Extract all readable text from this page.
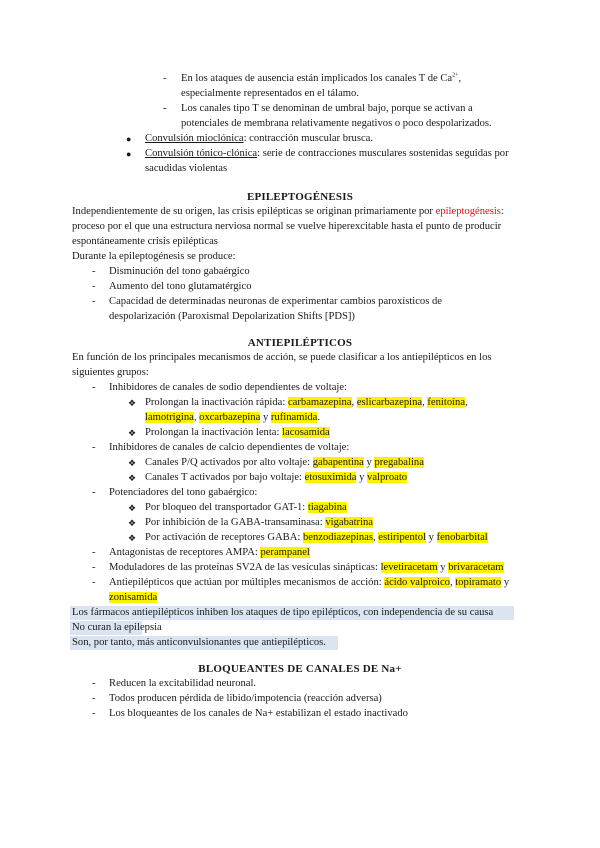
- En los ataques de ausencia están implicados los canales T de $Ca^{2+}$,
especialmente representados en el tálamo.
- Los canales tipo T se denominan de umbral bajo, porque se activan a
potenciales de membrana relativamente negativos o poco despolarizados.
● Convulsión mioclónica: contracción muscular brusca.
● Convulsión tónico-clónica: serie de contracciones musculares sostenidas seguidas por
sacudidas violentas
EPILEPTOGÉNESIS
Independientemente de su origen, las crisis epilépticas se originan primariamente por epileptogénesis:
proceso por el que una estructura nerviosa normal se vuelve hiperexcitable hasta el punto de producir
espontáneamente crisis epilépticas
Durante la epileptogénesis se produce:
- Disminución del tono gabaérgico
- Aumento del tono glutamatérgico
- Capacidad de determinadas neuronas de experimentar cambios paroxísticos de
despolarización (Paroxismal Depolarization Shifts [PDS])
ANTIEPILÉPTICOS
En función de los principales mecanismos de acción, se puede clasificar a los antiepilépticos en los
siguientes grupos:
- Inhibidores de canales de sodio dependientes de voltaje:
❖ Prolongan la inactivación rápida: carbamazepina, eslicarbazepina, fenitoína,
lamotrigina, oxcarbazepina y rufinamida.
❖ Prolongan la inactivación lenta: lacosamida
- Inhibidores de canales de calcio dependientes de voltaje:
❖ Canales P/Q activados por alto voltaje: gabapentina y pregabalina
❖ Canales T activados por bajo voltaje: etosuximida y valproato
- Potenciadores del tono gabaérgico:
❖ Por bloqueo del transportador GAT-1: tiagabina
❖ Por inhibición de la GABA-transaminasa: vigabatrina
❖ Por activación de receptores GABA: benzodiazepinas, estiripentol y fenobarbital
- Antagonistas de receptores AMPA: perampanel
- Moduladores de las proteínas SV2A de las vesículas sinápticas: levetiracetam y brivaracetam
- Antiepilépticos que actúan por múltiples mecanismos de acción: ácido valproico, topiramato y
zonisamida
Los fármacos antiepilépticos inhiben los ataques de tipo epilépticos, con independencia de su causa
No curan la epilepsia
Son, por tanto, más anticonvulsionantes que antiepilépticos.
BLOQUEANTES DE CANALES DE Na+
- Reducen la excitabilidad neuronal.
- Todos producen pérdida de libido/impotencia (reacción adversa)
- Los bloqueantes de los canales de Na+ estabilizan el estado inactivado
